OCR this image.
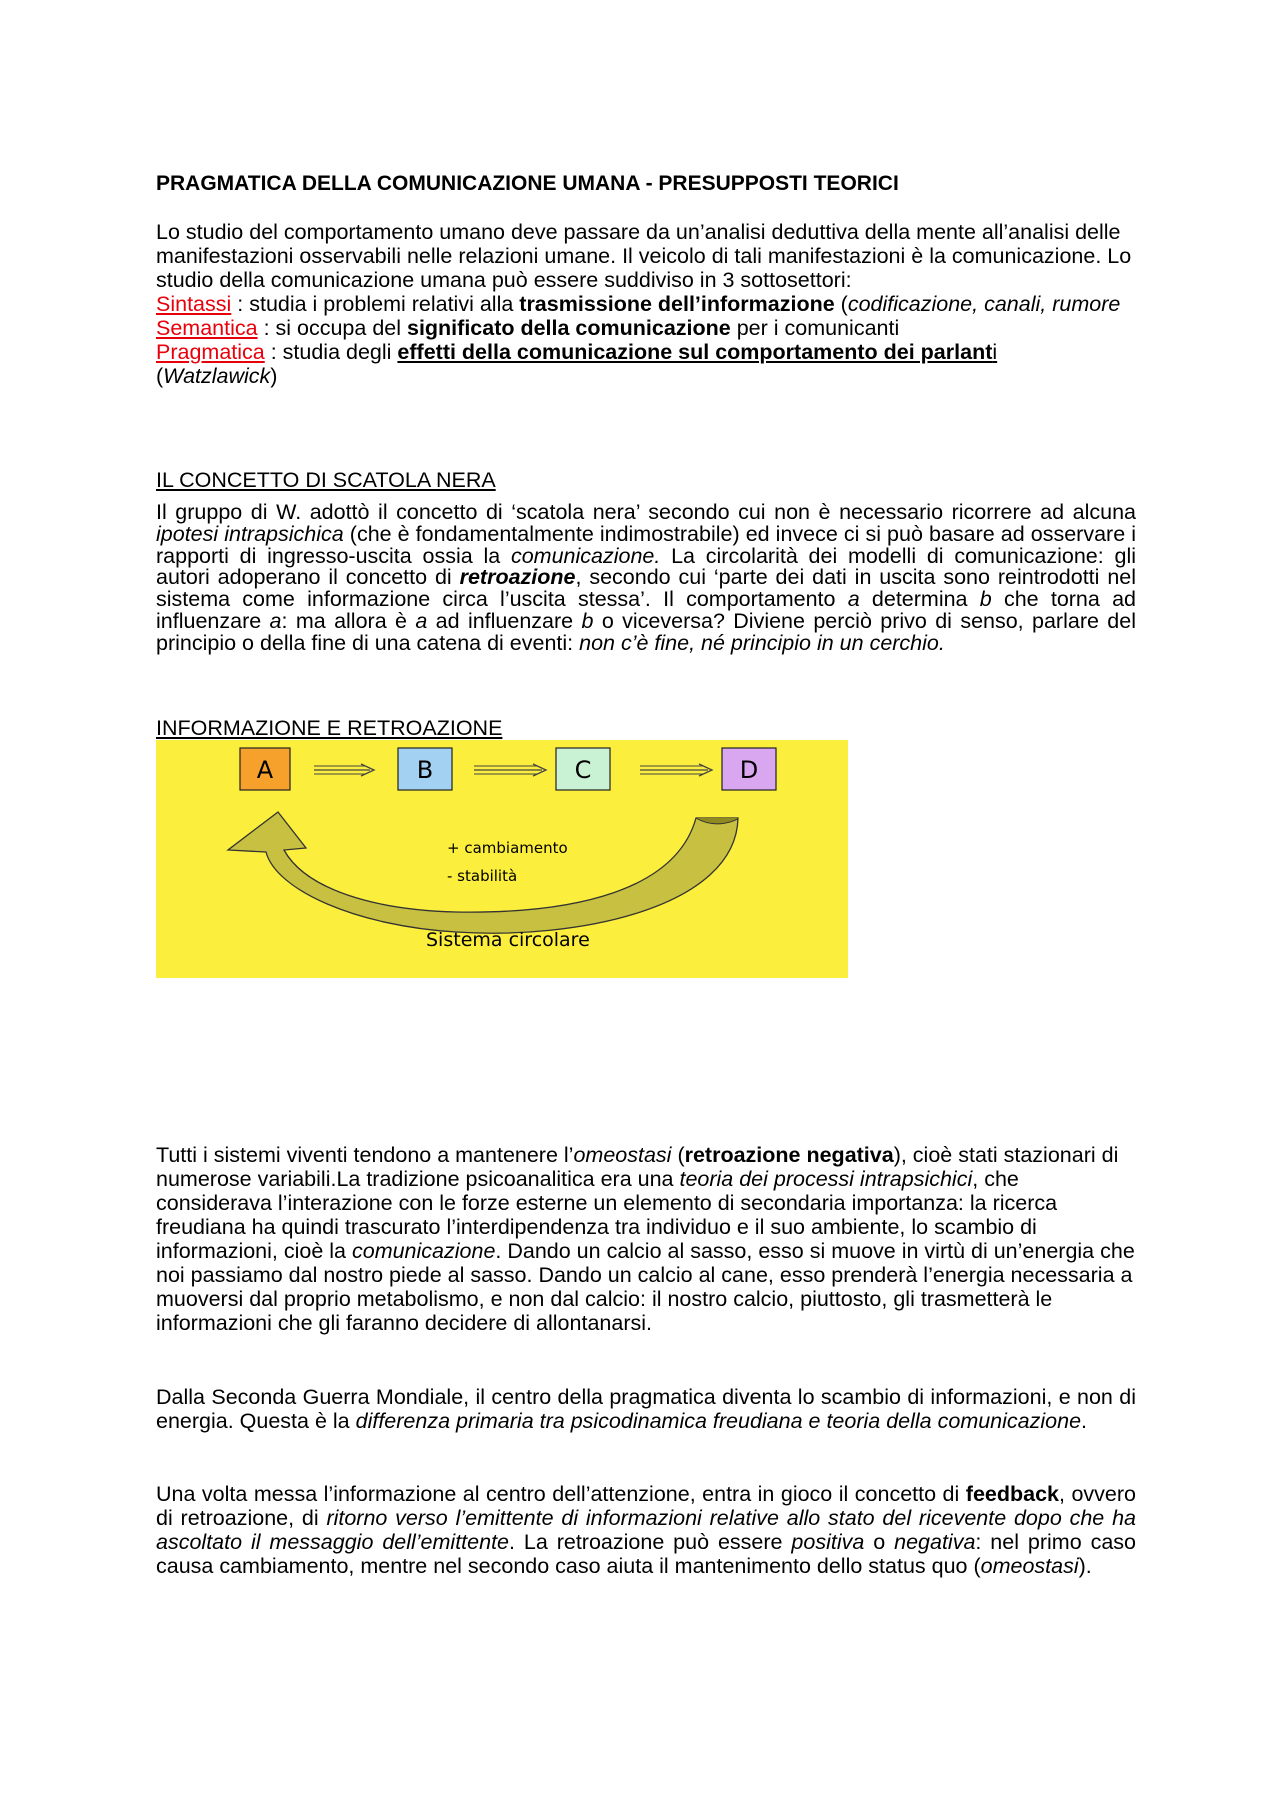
PRAGMATICA DELLA COMUNICAZIONE UMANA - PRESUPPOSTI TEORICI
Lo studio del comportamento umano deve passare da un’analisi deduttiva della mente all’analisi delle manifestazioni osservabili nelle relazioni umane. Il veicolo di tali manifestazioni è la comunicazione. Lo studio della comunicazione umana può essere suddiviso in 3 sottosettori:
Sintassi : studia i problemi relativi alla trasmissione dell’informazione (codificazione, canali, rumore
Semantica : si occupa del significato della comunicazione per i comunicanti
Pragmatica : studia degli effetti della comunicazione sul comportamento dei parlanti
(Watzlawick)
IL CONCETTO DI SCATOLA NERA
Il gruppo di W. adottò il concetto di ‘scatola nera’ secondo cui non è necessario ricorrere ad alcuna ipotesi intrapsichica (che è fondamentalmente indimostrabile) ed invece ci si può basare ad osservare i rapporti di ingresso-uscita ossia la comunicazione. La circolarità dei modelli di comunicazione: gli autori adoperano il concetto di retroazione, secondo cui ‘parte dei dati in uscita sono reintrodotti nel sistema come informazione circa l’uscita stessa’. Il comportamento a determina b che torna ad influenzare a: ma allora è a ad influenzare b o viceversa? Diviene perciò privo di senso, parlare del principio o della fine di una catena di eventi: non c’è fine, né principio in un cerchio.
INFORMAZIONE E RETROAZIONE
A	B	C	D
+ cambiamento
- stabilità
Sistema circolare
Tutti i sistemi viventi tendono a mantenere l’omeostasi (retroazione negativa), cioè stati stazionari di numerose variabili.La tradizione psicoanalitica era una teoria dei processi intrapsichici, che considerava l’interazione con le forze esterne un elemento di secondaria importanza: la ricerca freudiana ha quindi trascurato l’interdipendenza tra individuo e il suo ambiente, lo scambio di informazioni, cioè la comunicazione. Dando un calcio al sasso, esso si muove in virtù di un’energia che noi passiamo dal nostro piede al sasso. Dando un calcio al cane, esso prenderà l’energia necessaria a muoversi dal proprio metabolismo, e non dal calcio: il nostro calcio, piuttosto, gli trasmetterà le informazioni che gli faranno decidere di allontanarsi.
Dalla Seconda Guerra Mondiale, il centro della pragmatica diventa lo scambio di informazioni, e non di energia. Questa è la differenza primaria tra psicodinamica freudiana e teoria della comunicazione.
Una volta messa l’informazione al centro dell’attenzione, entra in gioco il concetto di feedback, ovvero di retroazione, di ritorno verso l’emittente di informazioni relative allo stato del ricevente dopo che ha ascoltato il messaggio dell’emittente. La retroazione può essere positiva o negativa: nel primo caso causa cambiamento, mentre nel secondo caso aiuta il mantenimento dello status quo (omeostasi).
